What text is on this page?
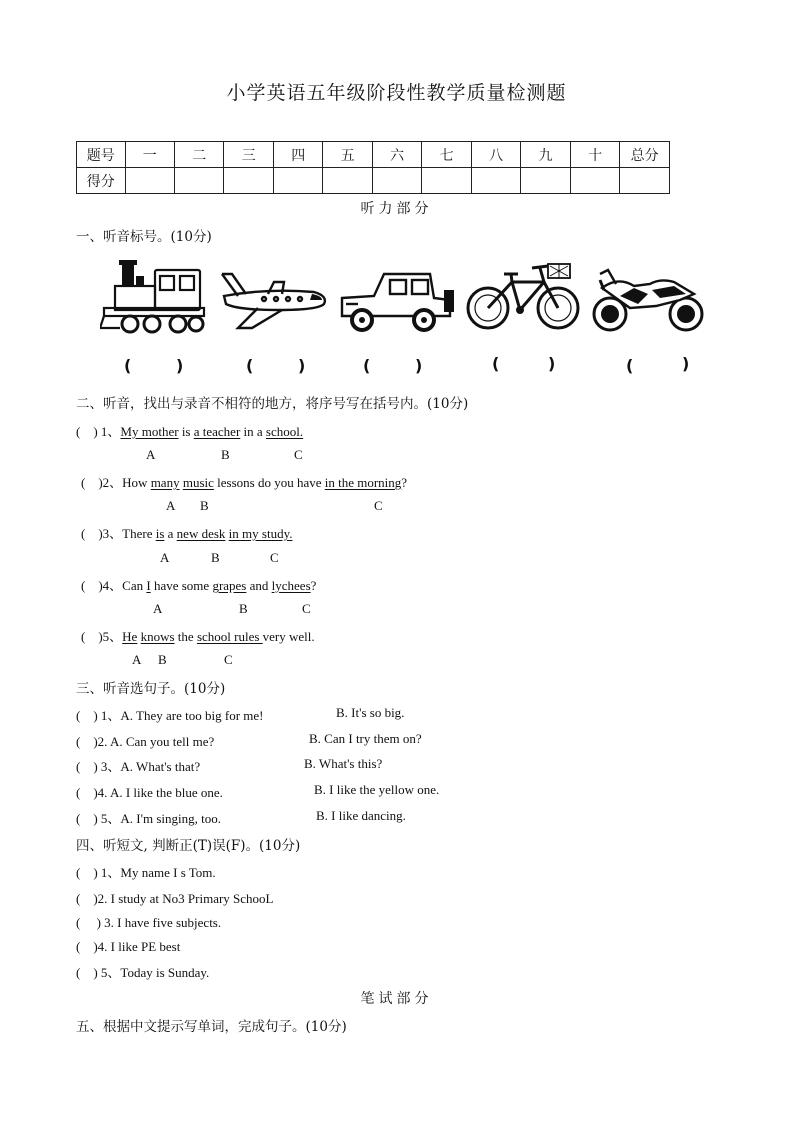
小学英语五年级阶段性教学质量检测题
题号	一	二	三	四	五	六	七	八	九	十	总分
得分											
听力部分
一、听音标号。(10分)
(	)	(	)	(	)	(	)	(	)
二、听音，找出与录音不相符的地方，将序号写在括号内。(10分)
(　) 1、My mother is a teacher in a school.
A	B	C
(　)2、How many music lessons do you have in the morning?
A B	C
(　)3、There is a new desk in my study.
A	B	C
(　)4、Can I have some grapes and lychees?
A	B	C
(　)5、He knows the school rules very well.
A B	C
三、听音选句子。(10分)
(　) 1、A. They are too big for me!	B. It's so big.
(　)2. A. Can you tell me?	B. Can I try them on?
(　) 3、A. What's that?	B. What's this?
(　)4. A. I like the blue one.	B. I like the yellow one.
(　) 5、A. I'm singing, too.	B. I like dancing.
四、听短文, 判断正(T)误(F)。(10分)
(　) 1、My name I s Tom.
(　)2. I study at No3 Primary SchooL
(　 ) 3. I have five subjects.
(　)4. I like PE best
(　) 5、Today is Sunday.
笔试部分
五、根据中文提示写单词，完成句子。(10分)
